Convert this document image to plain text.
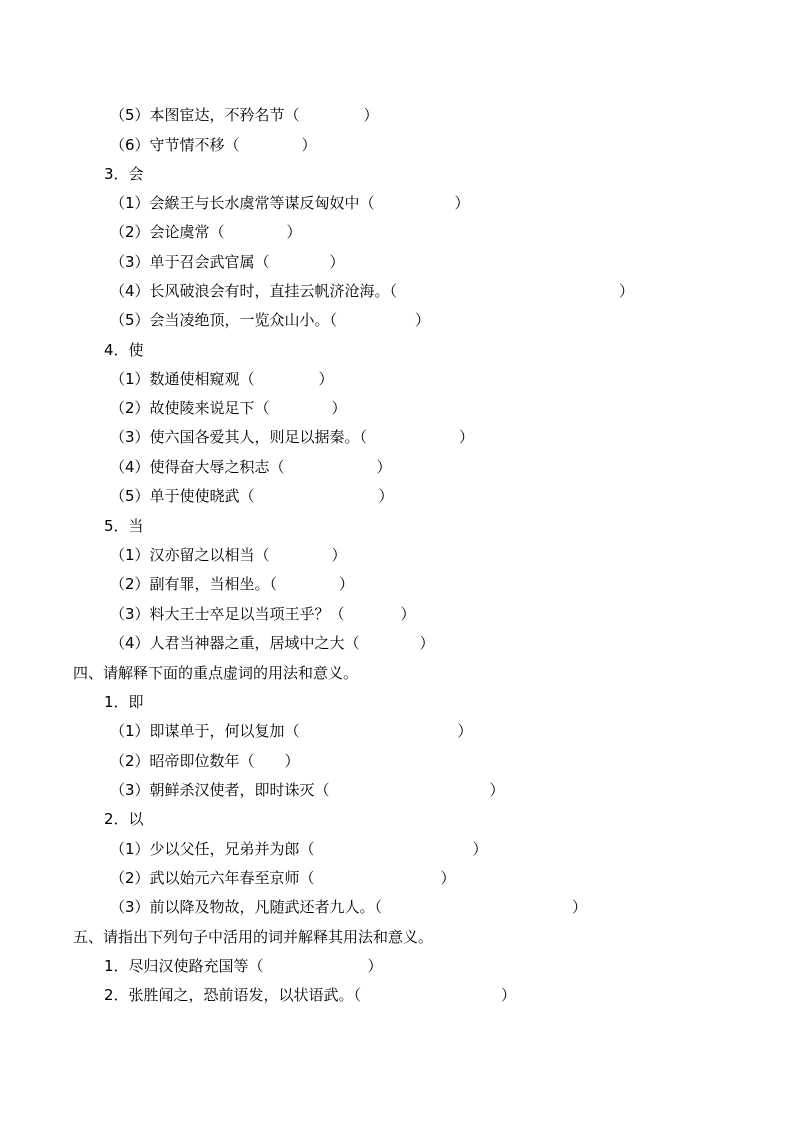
（5）本图宦达，不矜名节（	）
（6）守节情不移（	）
3．会
（1）会緱王与长水虞常等谋反匈奴中（	）
（2）会论虞常（	）
（3）单于召会武官属（	）
（4）长风破浪会有时，直挂云帆济沧海。（	）
（5）会当凌绝顶，一览众山小。（	）
4．使
（1）数通使相窥观（	）
（2）故使陵来说足下（	）
（3）使六国各爱其人，则足以据秦。（	）
（4）使得奋大辱之积志（	）
（5）单于使使晓武（	）
5．当
（1）汉亦留之以相当（	）
（2）副有罪，当相坐。（	）
（3）料大王士卒足以当项王乎？（	）
（4）人君当神器之重，居域中之大（	）
四、请解释下面的重点虚词的用法和意义。
1．即
（1）即谋单于，何以复加（	）
（2）昭帝即位数年（ ）
（3）朝鲜杀汉使者，即时诛灭（	）
2．以
（1）少以父任，兄弟并为郎（	）
（2）武以始元六年春至京师（	）
（3）前以降及物故，凡随武还者九人。（	）
五、请指出下列句子中活用的词并解释其用法和意义。
1．尽归汉使路充国等（	）
2．张胜闻之，恐前语发，以状语武。（	）
